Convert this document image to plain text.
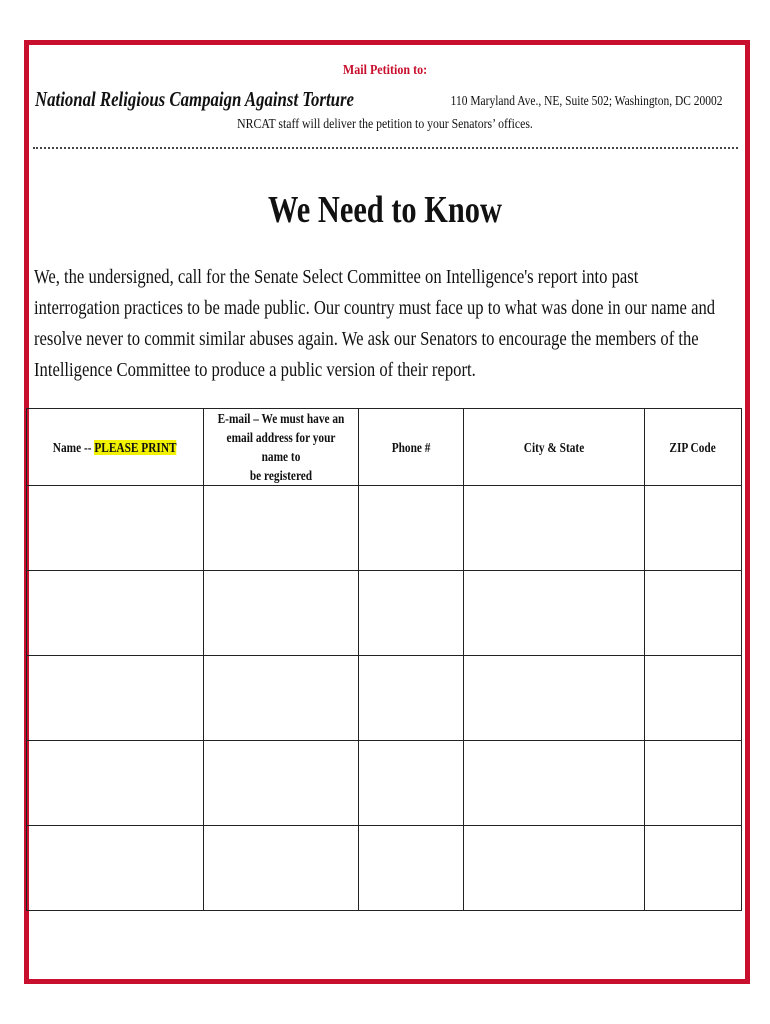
Mail Petition to:
National Religious Campaign Against Torture	110 Maryland Ave., NE, Suite 502; Washington, DC 20002
NRCAT staff will deliver the petition to your Senators’ offices.
We Need to Know
We, the undersigned, call for the Senate Select Committee on Intelligence's report into past interrogation practices to be made public. Our country must face up to what was done in our name and resolve never to commit similar abuses again. We ask our Senators to encourage the members of the Intelligence Committee to produce a public version of their report.
Name -- PLEASE PRINT	E-mail – We must have an
email address for your name to
be registered	Phone #	City & State	ZIP Code
